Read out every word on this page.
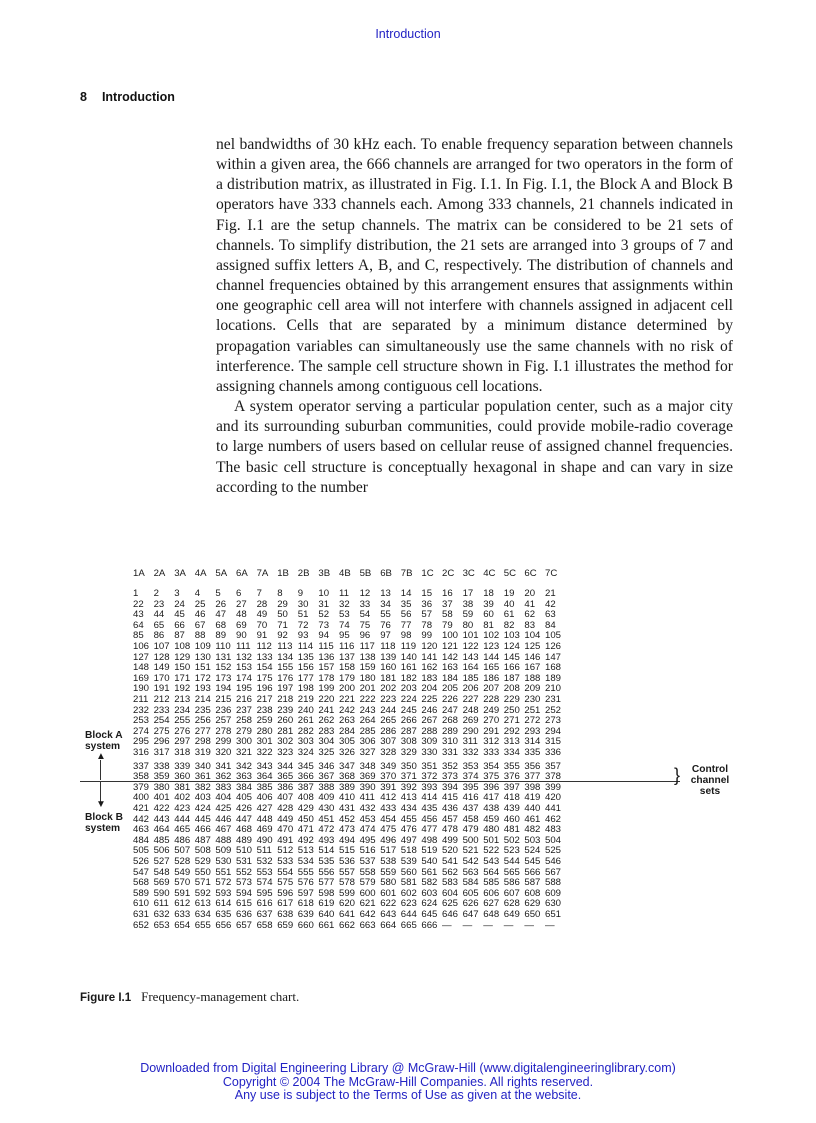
Introduction
8 Introduction

nel bandwidths of 30 kHz each. To enable frequency separation between channels within a given area, the 666 channels are arranged for two operators in the form of a distribution matrix, as illustrated in Fig. I.1. In Fig. I.1, the Block A and Block B operators have 333 channels each. Among 333 channels, 21 channels indicated in Fig. I.1 are the setup channels. The matrix can be considered to be 21 sets of channels. To simplify distribution, the 21 sets are arranged into 3 groups of 7 and assigned suffix letters A, B, and C, respectively. The distribution of channels and channel frequencies obtained by this arrangement ensures that assignments within one geographic cell area will not interfere with channels assigned in adjacent cell locations. Cells that are separated by a minimum distance determined by propagation variables can simultaneously use the same channels with no risk of interference. The sample cell structure shown in Fig. I.1 illustrates the method for assigning channels among contiguous cell locations.

A system operator serving a particular population center, such as a major city and its surrounding suburban communities, could provide mobile-radio coverage to large numbers of users based on cellular reuse of assigned channel frequencies. The basic cell structure is conceptually hexagonal in shape and can vary in size according to the number

1A 2A 3A 4A 5A 6A 7A 1B 2B 3B 4B 5B 6B 7B 1C 2C 3C 4C 5C 6C 7C
1	2	3	4	5	6	7	8	9	10	11	12	13	14	15	16	17	18	19	20	21
22	23	24	25	26	27	28	29	30	31	32	33	34	35	36	37	38	39	40	41	42
43	44	45	46	47	48	49	50	51	52	53	54	55	56	57	58	59	60	61	62	63
64	65	66	67	68	69	70	71	72	73	74	75	76	77	78	79	80	81	82	83	84
85	86	87	88	89	90	91	92	93	94	95	96	97	98	99	100 101 102 103 104 105
106 107 108 109 110 111 112 113 114 115 116 117 118 119 120 121 122 123 124 125 126
127 128 129 130 131 132 133 134 135 136 137 138 139 140 141 142 143 144 145 146 147
148 149 150 151 152 153 154 155 156 157 158 159 160 161 162 163 164 165 166 167 168
169 170 171 172 173 174 175 176 177 178 179 180 181 182 183 184 185 186 187 188 189
190 191 192 193 194 195 196 197 198 199 200 201 202 203 204 205 206 207 208 209 210
211 212 213 214 215 216 217 218 219 220 221 222 223 224 225 226 227 228 229 230 231
232 233 234 235 236 237 238 239 240 241 242 243 244 245 246 247 248 249 250 251 252
253 254 255 256 257 258 259 260 261 262 263 264 265 266 267 268 269 270 271 272 273
274 275 276 277 278 279 280 281 282 283 284 285 286 287 288 289 290 291 292 293 294
295 296 297 298 299 300 301 302 303 304 305 306 307 308 309 310 311 312 313 314 315
316 317 318 319 320 321 322 323 324 325 326 327 328 329 330 331 332 333 334 335 336
337 338 339 340 341 342 343 344 345 346 347 348 349 350 351 352 353 354 355 356 357
358 359 360 361 362 363 364 365 366 367 368 369 370 371 372 373 374 375 376 377 378
379 380 381 382 383 384 385 386 387 388 389 390 391 392 393 394 395 396 397 398 399
400 401 402 403 404 405 406 407 408 409 410 411 412 413 414 415 416 417 418 419 420
421 422 423 424 425 426 427 428 429 430 431 432 433 434 435 436 437 438 439 440 441
442 443 444 445 446 447 448 449 450 451 452 453 454 455 456 457 458 459 460 461 462
463 464 465 466 467 468 469 470 471 472 473 474 475 476 477 478 479 480 481 482 483
484 485 486 487 488 489 490 491 492 493 494 495 496 497 498 499 500 501 502 503 504
505 506 507 508 509 510 511 512 513 514 515 516 517 518 519 520 521 522 523 524 525
526 527 528 529 530 531 532 533 534 535 536 537 538 539 540 541 542 543 544 545 546
547 548 549 550 551 552 553 554 555 556 557 558 559 560 561 562 563 564 565 566 567
568 569 570 571 572 573 574 575 576 577 578 579 580 581 582 583 584 585 586 587 588
589 590 591 592 593 594 595 596 597 598 599 600 601 602 603 604 605 606 607 608 609
610 611 612 613 614 615 616 617 618 619 620 621 622 623 624 625 626 627 628 629 630
631 632 633 634 635 636 637 638 639 640 641 642 643 644 645 646 647 648 649 650 651
652 653 654 655 656 657 658 659 660 661 662 663 664 665 666 —	—	—	—	—	—
Block A
system
Block B
system
▲
▼
}	Control
channel
sets
Figure I.1 Frequency-management chart.
Downloaded from Digital Engineering Library @ McGraw-Hill (www.digitalengineeringlibrary.com)
Copyright © 2004 The McGraw-Hill Companies. All rights reserved.
Any use is subject to the Terms of Use as given at the website.
